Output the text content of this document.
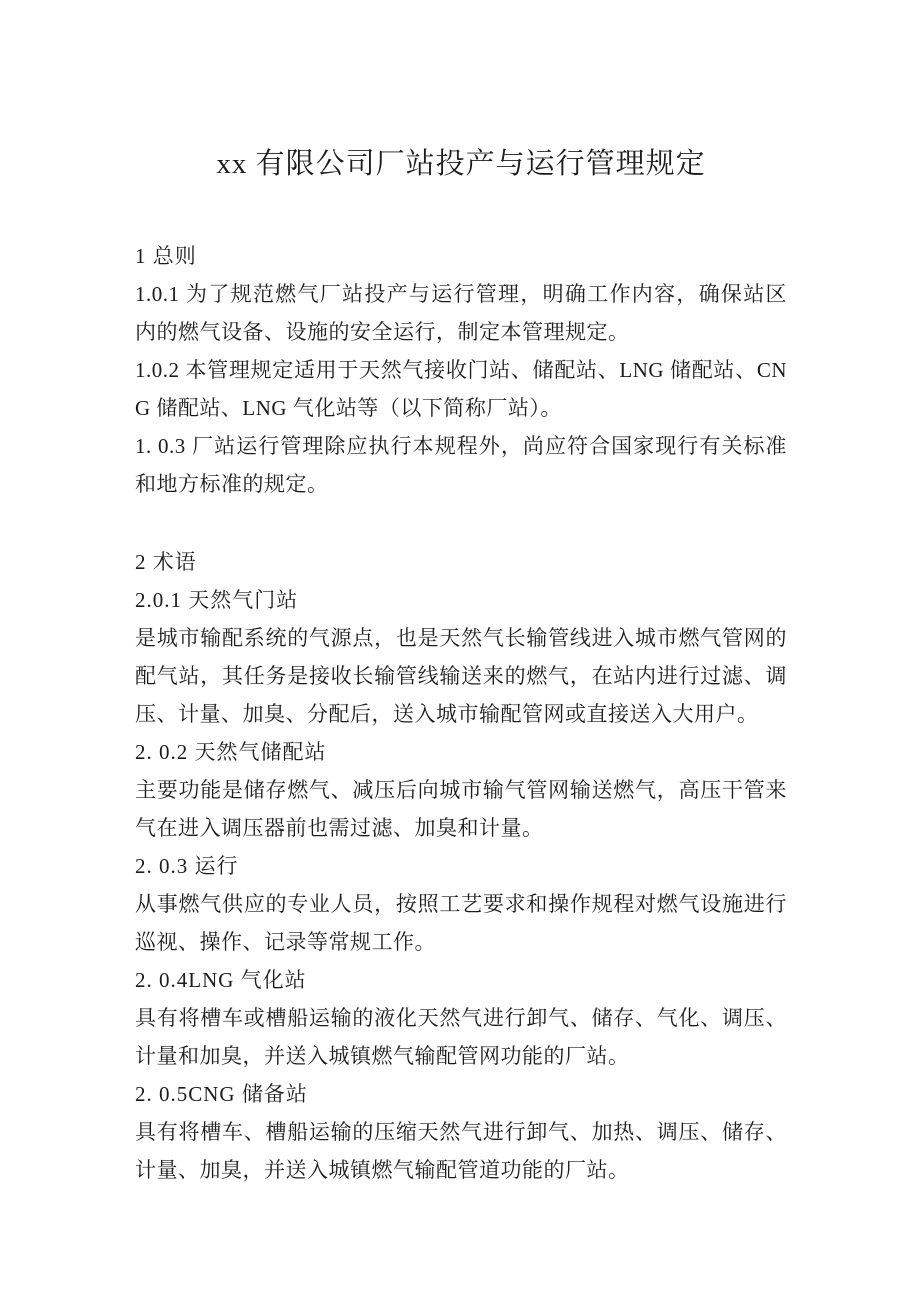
xx 有限公司厂站投产与运行管理规定
1 总则

1.0.1 为了规范燃气厂站投产与运行管理，明确工作内容，确保站区内的燃气设备、设施的安全运行，制定本管理规定。

1.0.2 本管理规定适用于天然气接收门站、储配站、LNG 储配站、CNG 储配站、LNG 气化站等（以下简称厂站）。

1. 0.3 厂站运行管理除应执行本规程外，尚应符合国家现行有关标准和地方标准的规定。

2 术语

2.0.1 天然气门站

是城市输配系统的气源点，也是天然气长输管线进入城市燃气管网的配气站，其任务是接收长输管线输送来的燃气，在站内进行过滤、调压、计量、加臭、分配后，送入城市输配管网或直接送入大用户。

2. 0.2 天然气储配站

主要功能是储存燃气、减压后向城市输气管网输送燃气，高压干管来气在进入调压器前也需过滤、加臭和计量。

2. 0.3 运行

从事燃气供应的专业人员，按照工艺要求和操作规程对燃气设施进行巡视、操作、记录等常规工作。

2. 0.4LNG 气化站

具有将槽车或槽船运输的液化天然气进行卸气、储存、气化、调压、计量和加臭，并送入城镇燃气输配管网功能的厂站。

2. 0.5CNG 储备站

具有将槽车、槽船运输的压缩天然气进行卸气、加热、调压、储存、计量、加臭，并送入城镇燃气输配管道功能的厂站。
